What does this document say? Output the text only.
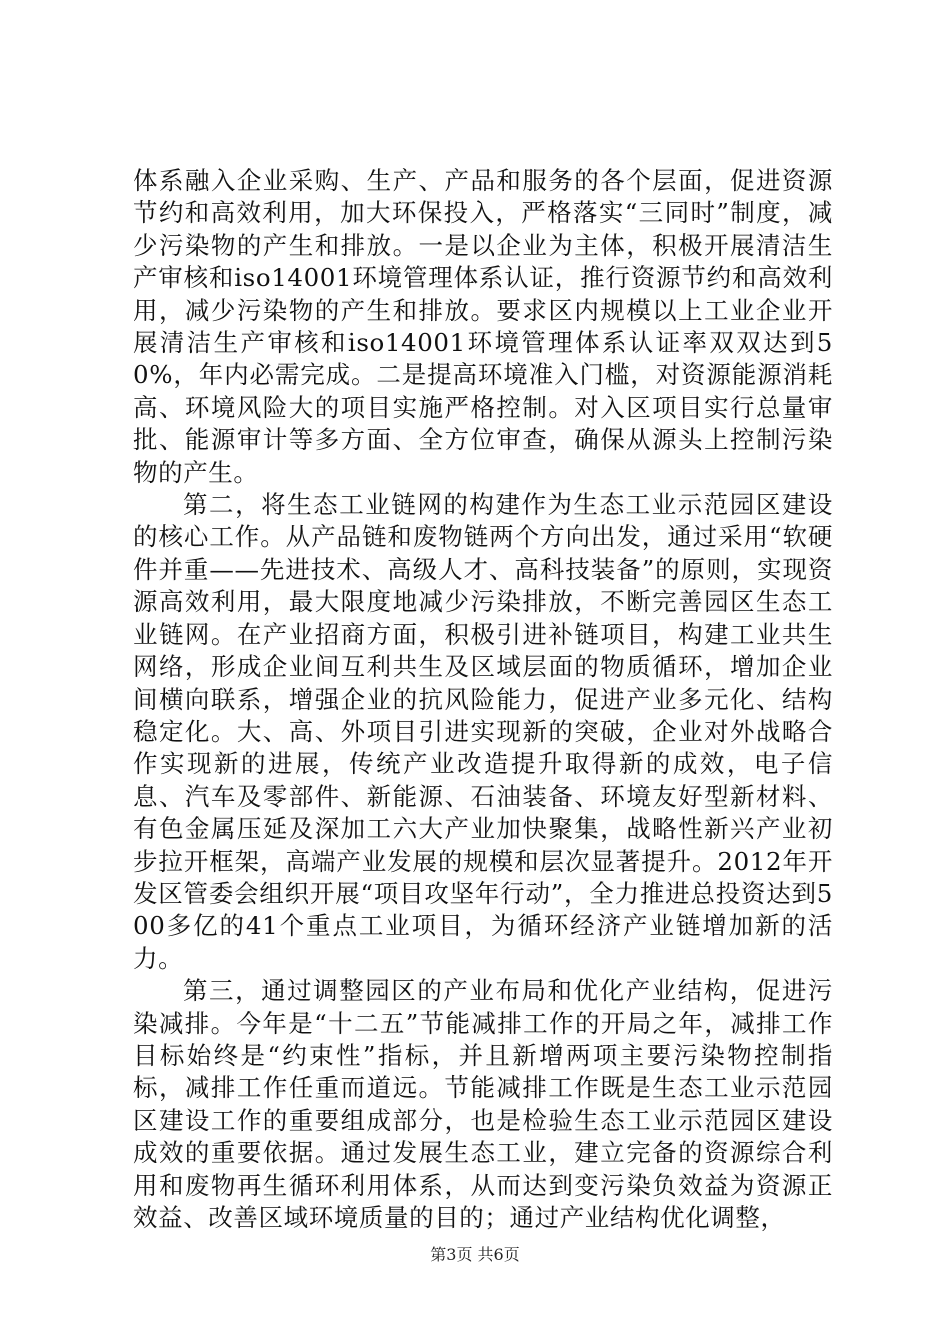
体系融入企业采购、生产、产品和服务的各个层面，促进资源节约和高效利用，加大环保投入，严格落实“三同时”制度，减少污染物的产生和排放。一是以企业为主体，积极开展清洁生产审核和iso14001环境管理体系认证，推行资源节约和高效利用，减少污染物的产生和排放。要求区内规模以上工业企业开展清洁生产审核和iso14001环境管理体系认证率双双达到50%，年内必需完成。二是提高环境准入门槛，对资源能源消耗高、环境风险大的项目实施严格控制。对入区项目实行总量审批、能源审计等多方面、全方位审查，确保从源头上控制污染物的产生。

第二，将生态工业链网的构建作为生态工业示范园区建设的核心工作。从产品链和废物链两个方向出发，通过采用“软硬件并重——先进技术、高级人才、高科技装备”的原则，实现资源高效利用，最大限度地减少污染排放，不断完善园区生态工业链网。在产业招商方面，积极引进补链项目，构建工业共生网络，形成企业间互利共生及区域层面的物质循环，增加企业间横向联系，增强企业的抗风险能力，促进产业多元化、结构稳定化。大、高、外项目引进实现新的突破，企业对外战略合作实现新的进展，传统产业改造提升取得新的成效，电子信息、汽车及零部件、新能源、石油装备、环境友好型新材料、有色金属压延及深加工六大产业加快聚集，战略性新兴产业初步拉开框架，高端产业发展的规模和层次显著提升。2012年开发区管委会组织开展“项目攻坚年行动”，全力推进总投资达到500多亿的41个重点工业项目，为循环经济产业链增加新的活力。

第三，通过调整园区的产业布局和优化产业结构，促进污染减排。今年是“十二五”节能减排工作的开局之年，减排工作目标始终是“约束性”指标，并且新增两项主要污染物控制指标，减排工作任重而道远。节能减排工作既是生态工业示范园区建设工作的重要组成部分，也是检验生态工业示范园区建设成效的重要依据。通过发展生态工业，建立完备的资源综合利用和废物再生循环利用体系，从而达到变污染负效益为资源正效益、改善区域环境质量的目的；通过产业结构优化调整，

第3页 共6页
